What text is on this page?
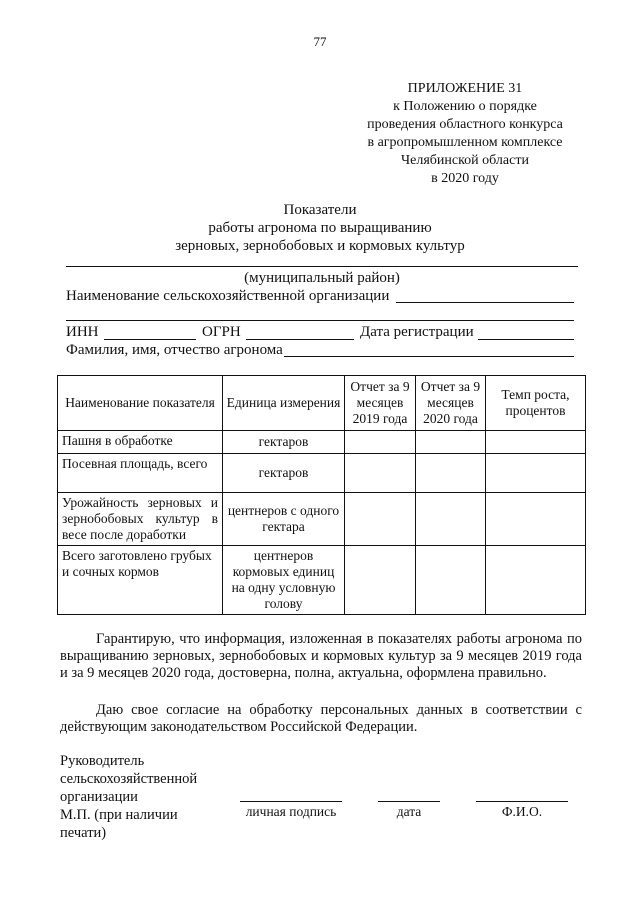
77
ПРИЛОЖЕНИЕ 31
к Положению о порядке
проведения областного конкурса
в агропромышленном комплексе
Челябинской области
в 2020 году
Показатели
работы агронома по выращиванию
зерновых, зернобобовых и кормовых культур
(муниципальный район)
Наименование сельскохозяйственной организации
ИНН	ОГРН	Дата регистрации
Фамилия, имя, отчество агронома
Наименование показателя	Единица измерения	Отчет за 9 месяцев 2019 года	Отчет за 9 месяцев 2020 года	Темп роста, процентов
Пашня в обработке	гектаров			
Посевная площадь, всего	гектаров			
Урожайность зерновых и зернобобовых культур в весе после доработки	центнеров с одного гектара			
Всего заготовлено грубых и сочных кормов	центнеров кормовых единиц на одну условную голову			
Гарантирую, что информация, изложенная в показателях работы агронома по выращиванию зерновых, зернобобовых и кормовых культур за 9 месяцев 2019 года и за 9 месяцев 2020 года, достоверна, полна, актуальна, оформлена правильно.
Даю свое согласие на обработку персональных данных в соответствии с действующим законодательством Российской Федерации.
Руководитель
сельскохозяйственной
организации
М.П. (при наличии
печати)
личная подпись	дата	Ф.И.О.
